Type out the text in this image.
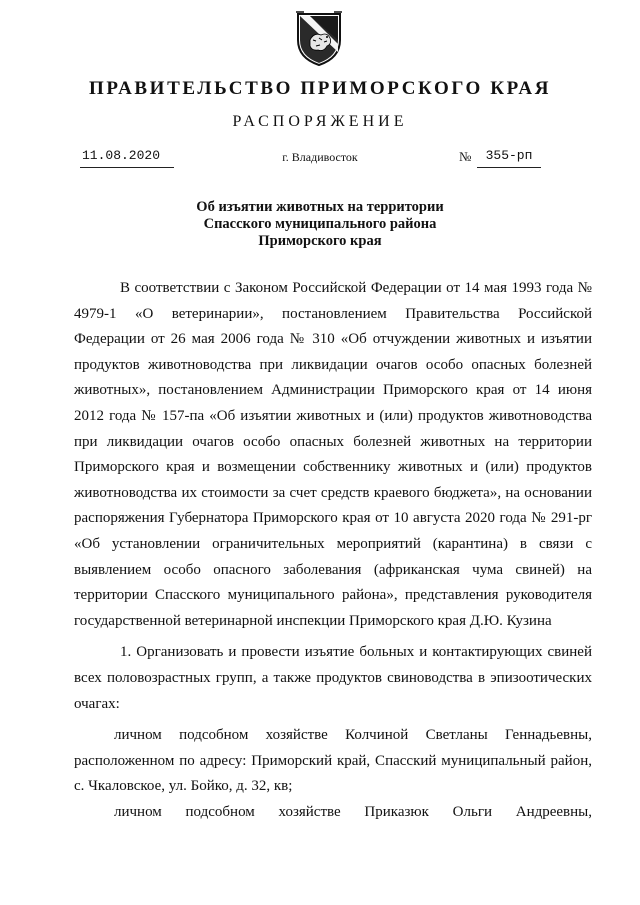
ПРАВИТЕЛЬСТВО ПРИМОРСКОГО КРАЯ
РАСПОРЯЖЕНИЕ
11.08.2020	г. Владивосток	№	355-рп
Об изъятии животных на территории
Спасского муниципального района
Приморского края

В соответствии с Законом Российской Федерации от 14 мая 1993 года № 4979-1 «О ветеринарии», постановлением Правительства Российской Федерации от 26 мая 2006 года № 310 «Об отчуждении животных и изъятии продуктов животноводства при ликвидации очагов особо опасных болезней животных», постановлением Администрации Приморского края от 14 июня 2012 года № 157-па «Об изъятии животных и (или) продуктов животноводства при ликвидации очагов особо опасных болезней животных на территории Приморского края и возмещении собственнику животных и (или) продуктов животноводства их стоимости за счет средств краевого бюджета», на основании распоряжения Губернатора Приморского края от 10 августа 2020 года № 291-рг «Об установлении ограничительных мероприятий (карантина) в связи с выявлением особо опасного заболевания (африканская чума свиней) на территории Спасского муниципального района», представления руководителя государственной ветеринарной инспекции Приморского края Д.Ю. Кузина

1. Организовать и провести изъятие больных и контактирующих свиней всех половозрастных групп, а также продуктов свиноводства в эпизоотических очагах:

личном подсобном хозяйстве Колчиной Светланы Геннадьевны, расположенном по адресу: Приморский край, Спасский муниципальный район, с. Чкаловское, ул. Бойко, д. 32, кв;

личном подсобном хозяйстве Приказюк Ольги Андреевны,
